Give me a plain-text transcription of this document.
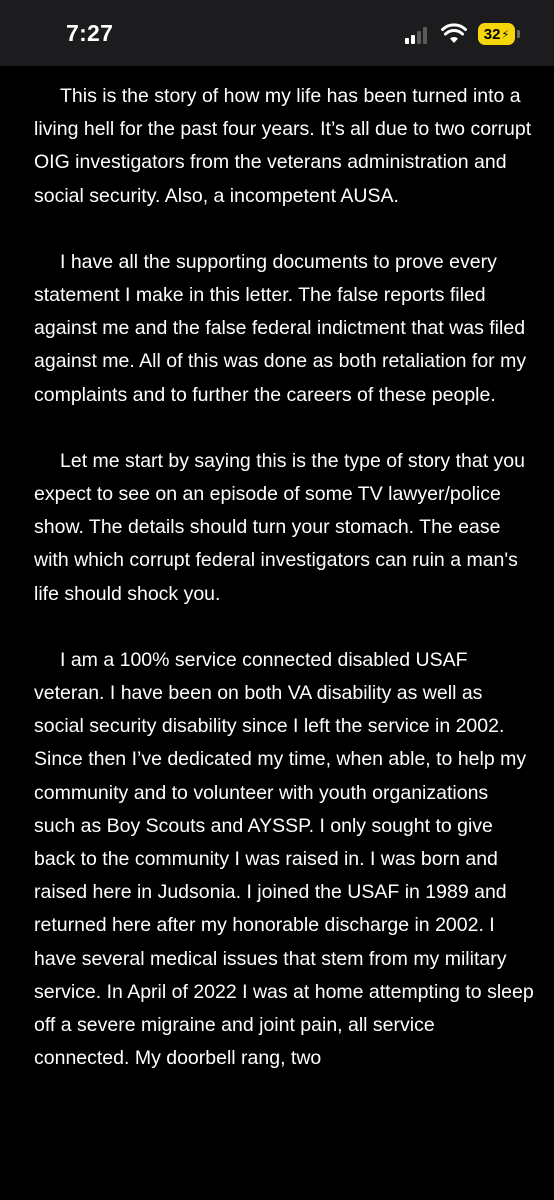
7:27	32 ⚡

This is the story of how my life has been turned into a living hell for the past four years. It’s all due to two corrupt OIG investigators from the veterans administration and social security. Also, a incompetent AUSA.

I have all the supporting documents to prove every statement I make in this letter. The false reports filed against me and the false federal indictment that was filed against me. All of this was done as both retaliation for my complaints and to further the careers of these people.

Let me start by saying this is the type of story that you expect to see on an episode of some TV lawyer/police show. The details should turn your stomach. The ease with which corrupt federal investigators can ruin a man's life should shock you.

I am a 100% service connected disabled USAF veteran. I have been on both VA disability as well as social security disability since I left the service in 2002. Since then I’ve dedicated my time, when able, to help my community and to volunteer with youth organizations such as Boy Scouts and AYSSP. I only sought to give back to the community I was raised in. I was born and raised here in Judsonia. I joined the USAF in 1989 and returned here after my honorable discharge in 2002. I have several medical issues that stem from my military service. In April of 2022 I was at home attempting to sleep off a severe migraine and joint pain, all service connected. My doorbell rang, two
